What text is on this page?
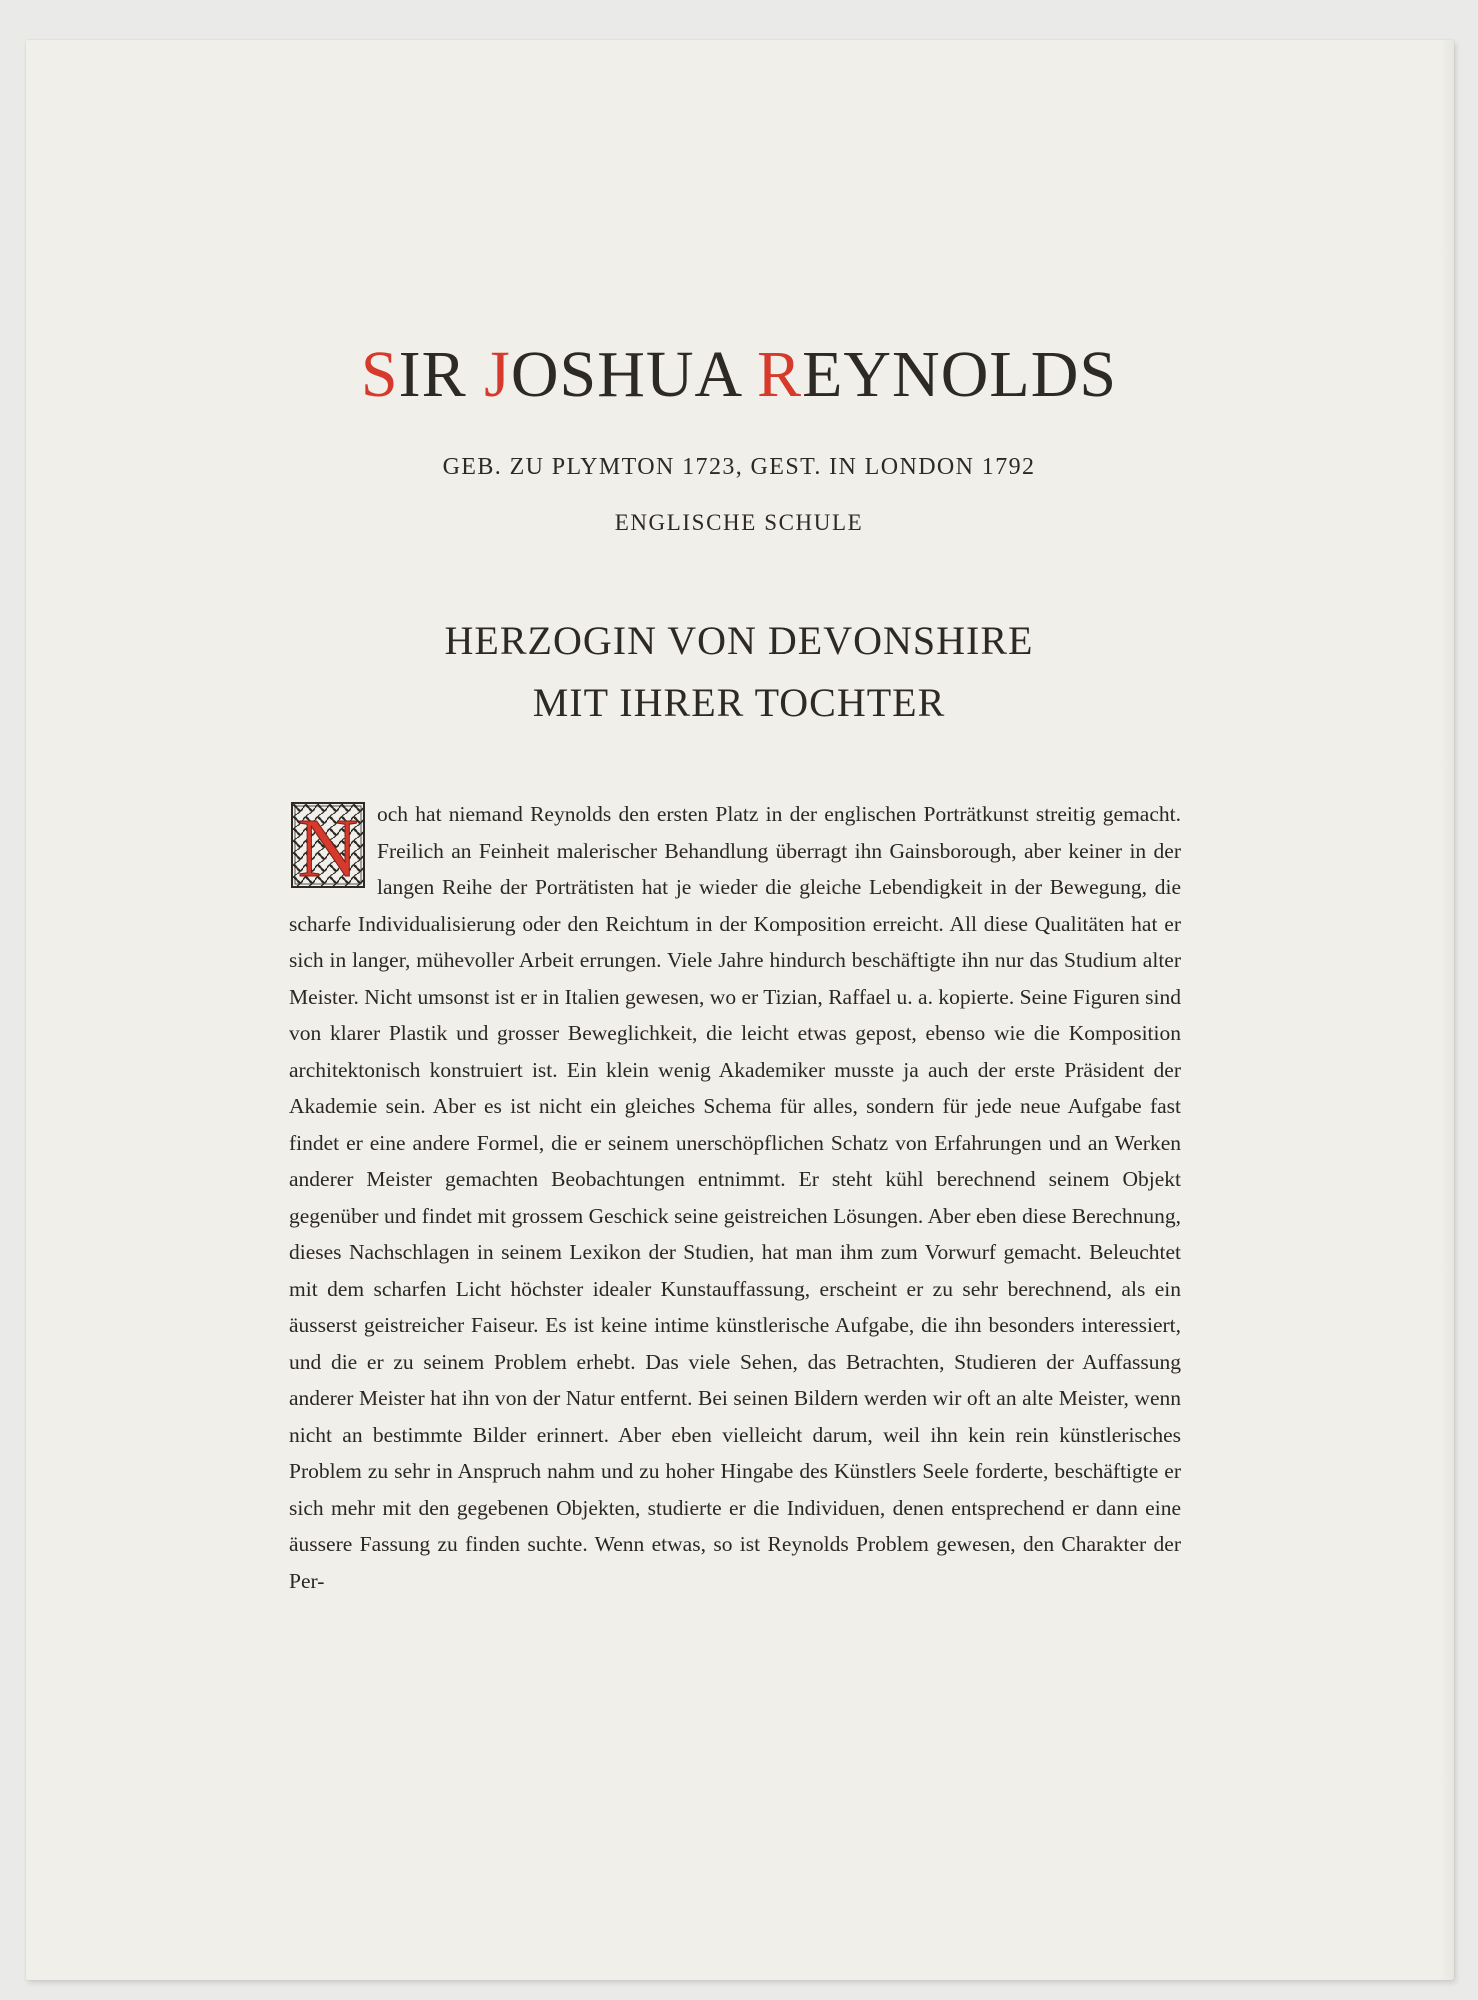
SIR JOSHUA REYNOLDS

GEB. ZU PLYMTON 1723, GEST. IN LONDON 1792

ENGLISCHE SCHULE

HERZOGIN VON DEVONSHIRE
MIT IHRER TOCHTER

N och hat niemand Reynolds den ersten Platz in der englischen Porträtkunst streitig gemacht. Freilich an Feinheit malerischer Behandlung überragt ihn Gainsborough, aber keiner in der langen Reihe der Porträtisten hat je wieder die gleiche Lebendigkeit in der Bewegung, die scharfe Individualisierung oder den Reichtum in der Komposition erreicht. All diese Qualitäten hat er sich in langer, mühevoller Arbeit errungen. Viele Jahre hindurch beschäftigte ihn nur das Studium alter Meister. Nicht umsonst ist er in Italien gewesen, wo er Tizian, Raffael u. a. kopierte. Seine Figuren sind von klarer Plastik und grosser Beweglichkeit, die leicht etwas gepost, ebenso wie die Komposition architektonisch konstruiert ist. Ein klein wenig Akademiker musste ja auch der erste Präsident der Akademie sein. Aber es ist nicht ein gleiches Schema für alles, sondern für jede neue Aufgabe fast findet er eine andere Formel, die er seinem unerschöpflichen Schatz von Erfahrungen und an Werken anderer Meister gemachten Beobachtungen entnimmt. Er steht kühl berechnend seinem Objekt gegenüber und findet mit grossem Geschick seine geistreichen Lösungen. Aber eben diese Berechnung, dieses Nachschlagen in seinem Lexikon der Studien, hat man ihm zum Vorwurf gemacht. Beleuchtet mit dem scharfen Licht höchster idealer Kunstauffassung, erscheint er zu sehr berechnend, als ein äusserst geistreicher Faiseur. Es ist keine intime künstlerische Aufgabe, die ihn besonders interessiert, und die er zu seinem Problem erhebt. Das viele Sehen, das Betrachten, Studieren der Auffassung anderer Meister hat ihn von der Natur entfernt. Bei seinen Bildern werden wir oft an alte Meister, wenn nicht an bestimmte Bilder erinnert. Aber eben vielleicht darum, weil ihn kein rein künstlerisches Problem zu sehr in Anspruch nahm und zu hoher Hingabe des Künstlers Seele forderte, beschäftigte er sich mehr mit den gegebenen Objekten, studierte er die Individuen, denen entsprechend er dann eine äussere Fassung zu finden suchte. Wenn etwas, so ist Reynolds Problem gewesen, den Charakter der Per-
